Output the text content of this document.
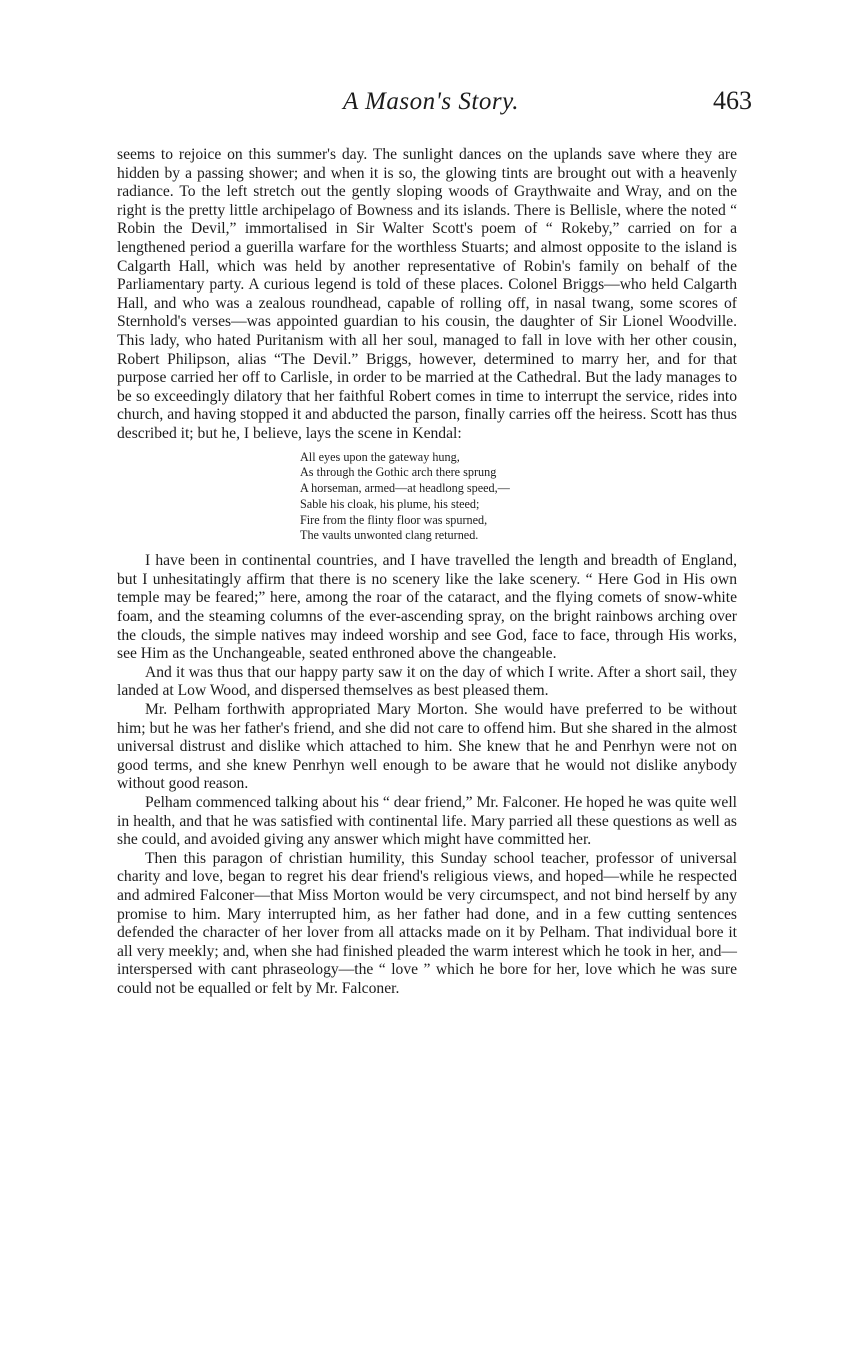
A Mason's Story.	463

seems to rejoice on this summer's day. The sunlight dances on the uplands save where they are hidden by a passing shower; and when it is so, the glowing tints are brought out with a heavenly radiance. To the left stretch out the gently sloping woods of Graythwaite and Wray, and on the right is the pretty little archipelago of Bowness and its islands. There is Bellisle, where the noted “ Robin the Devil,” immortalised in Sir Walter Scott's poem of “ Rokeby,” carried on for a lengthened period a guerilla warfare for the worthless Stuarts; and almost opposite to the island is Calgarth Hall, which was held by another representative of Robin's family on behalf of the Parliamentary party. A curious legend is told of these places. Colonel Briggs—who held Calgarth Hall, and who was a zealous roundhead, capable of rolling off, in nasal twang, some scores of Sternhold's verses—was appointed guardian to his cousin, the daughter of Sir Lionel Woodville. This lady, who hated Puritanism with all her soul, managed to fall in love with her other cousin, Robert Philipson, alias “The Devil.” Briggs, however, determined to marry her, and for that purpose carried her off to Carlisle, in order to be married at the Cathedral. But the lady manages to be so exceedingly dilatory that her faithful Robert comes in time to interrupt the service, rides into church, and having stopped it and abducted the parson, finally carries off the heiress. Scott has thus described it; but he, I believe, lays the scene in Kendal:

All eyes upon the gateway hung,
As through the Gothic arch there sprung
A horseman, armed—at headlong speed,—
Sable his cloak, his plume, his steed;
Fire from the flinty floor was spurned,
The vaults unwonted clang returned.

I have been in continental countries, and I have travelled the length and breadth of England, but I unhesitatingly affirm that there is no scenery like the lake scenery. “ Here God in His own temple may be feared;” here, among the roar of the cataract, and the flying comets of snow-white foam, and the steaming columns of the ever-ascending spray, on the bright rainbows arching over the clouds, the simple natives may indeed worship and see God, face to face, through His works, see Him as the Unchangeable, seated enthroned above the changeable.

And it was thus that our happy party saw it on the day of which I write. After a short sail, they landed at Low Wood, and dispersed themselves as best pleased them.

Mr. Pelham forthwith appropriated Mary Morton. She would have preferred to be without him; but he was her father's friend, and she did not care to offend him. But she shared in the almost universal distrust and dislike which attached to him. She knew that he and Penrhyn were not on good terms, and she knew Penrhyn well enough to be aware that he would not dislike anybody without good reason.

Pelham commenced talking about his “ dear friend,” Mr. Falconer. He hoped he was quite well in health, and that he was satisfied with continental life. Mary parried all these questions as well as she could, and avoided giving any answer which might have committed her.

Then this paragon of christian humility, this Sunday school teacher, professor of universal charity and love, began to regret his dear friend's religious views, and hoped—while he respected and admired Falconer—that Miss Morton would be very circumspect, and not bind herself by any promise to him. Mary interrupted him, as her father had done, and in a few cutting sentences defended the character of her lover from all attacks made on it by Pelham. That individual bore it all very meekly; and, when she had finished pleaded the warm interest which he took in her, and—interspersed with cant phraseology—the “ love ” which he bore for her, love which he was sure could not be equalled or felt by Mr. Falconer.
